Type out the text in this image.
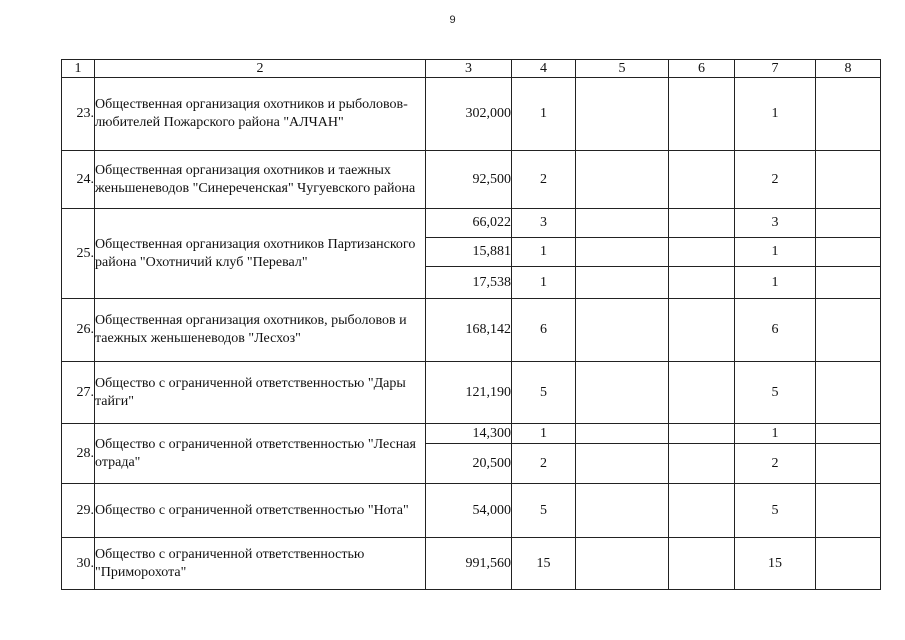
9
1	2	3	4	5	6	7	8
23.	Общественная организация охотников и рыболовов-любителей Пожарского района "АЛЧАН"	302,000	1			1	
24.	Общественная организация охотников и таежных женьшеневодов "Синереченская" Чугуевского района	92,500	2			2	
25.	Общественная организация охотников Партизанского района "Охотничий клуб "Перевал"	66,022	3			3	
		15,881	1			1	
		17,538	1			1	
26.	Общественная организация охотников, рыболовов и таежных женьшеневодов "Лесхоз"	168,142	6			6	
27.	Общество с ограниченной ответственностью "Дары тайги"	121,190	5			5	
28.	Общество с ограниченной ответственностью "Лесная отрада"	14,300	1			1	
		20,500	2			2	
29.	Общество с ограниченной ответственностью "Нота"	54,000	5			5	
30.	Общество с ограниченной ответственностью "Приморохота"	991,560	15			15	
